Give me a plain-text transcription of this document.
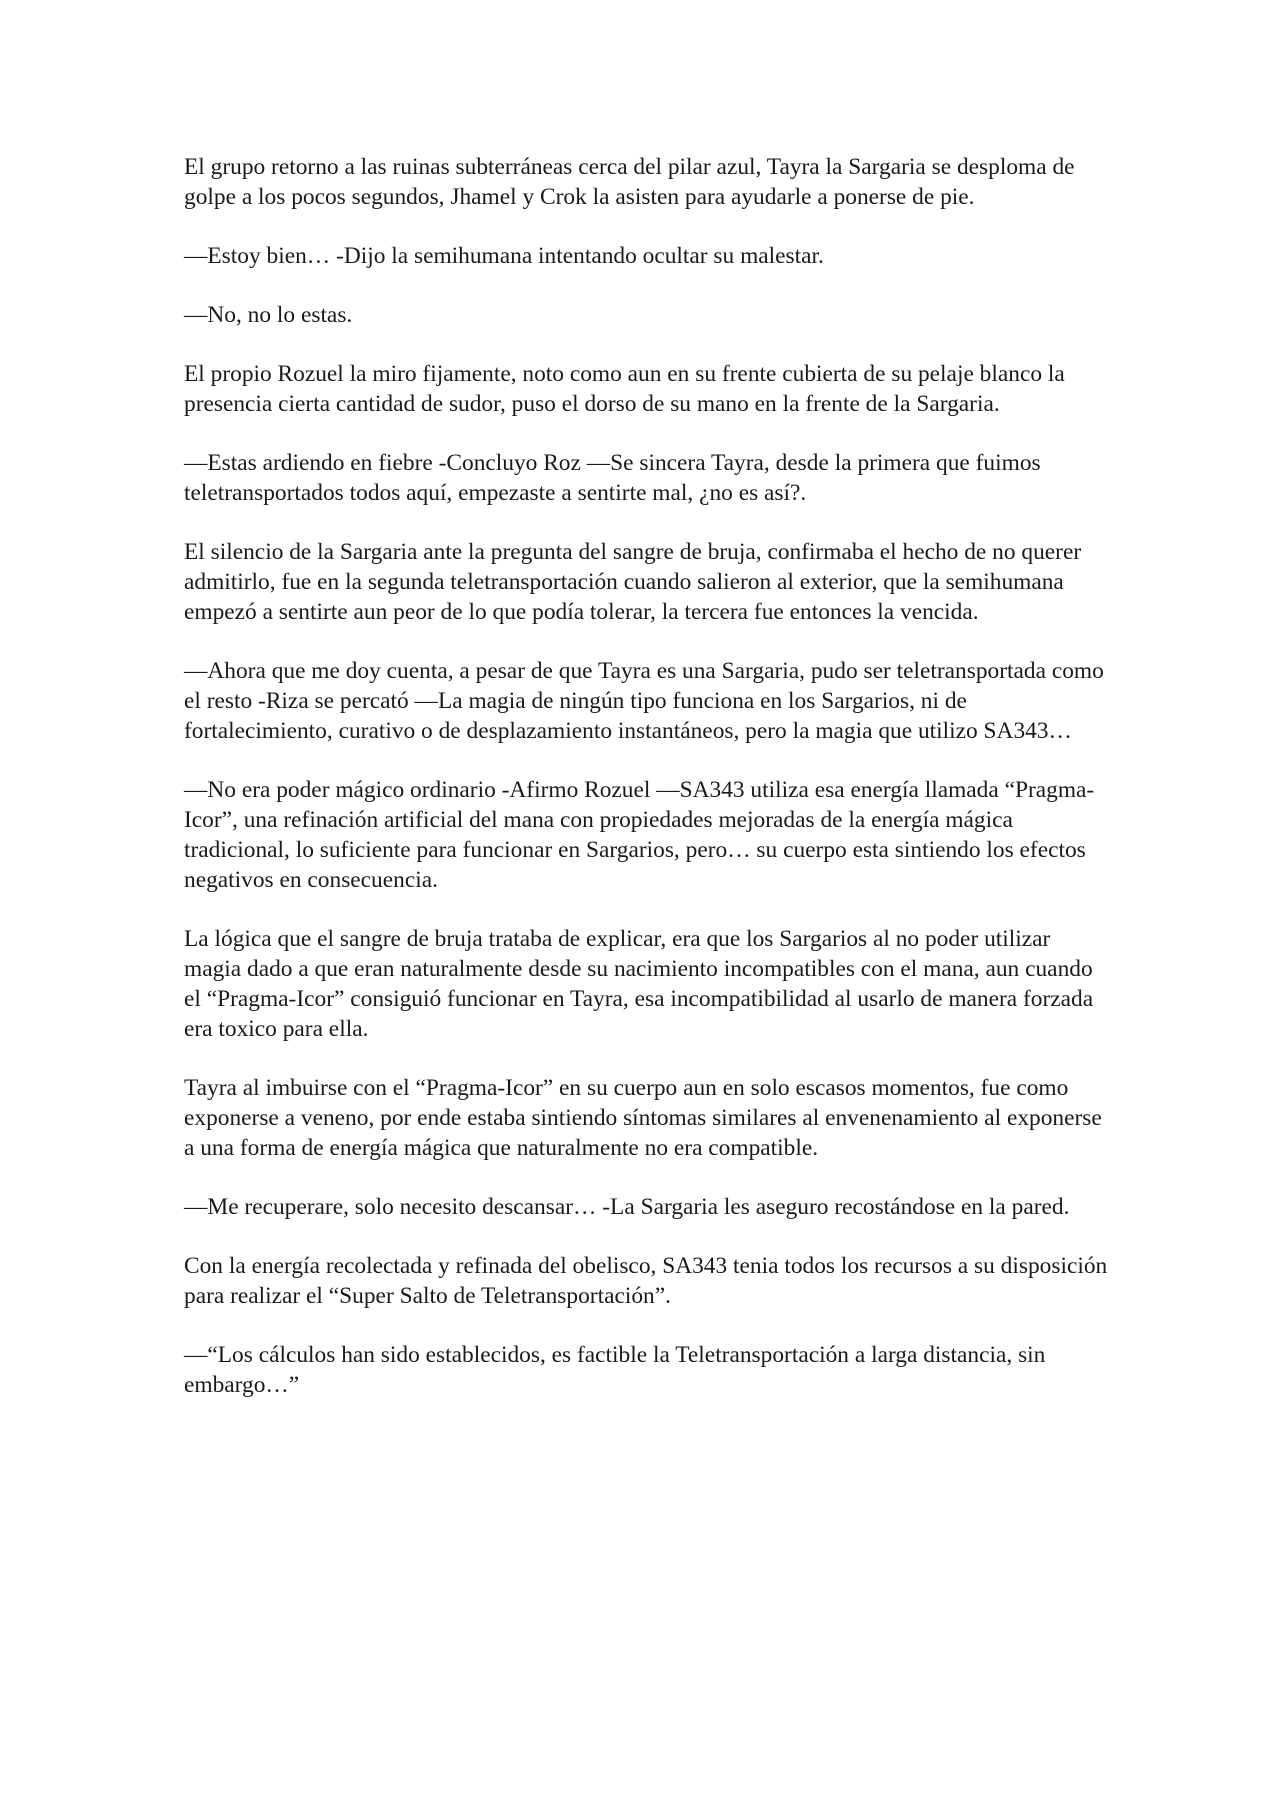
El grupo retorno a las ruinas subterráneas cerca del pilar azul, Tayra la Sargaria se desploma de golpe a los pocos segundos, Jhamel y Crok la asisten para ayudarle a ponerse de pie.

—Estoy bien… -Dijo la semihumana intentando ocultar su malestar.

—No, no lo estas.

El propio Rozuel la miro fijamente, noto como aun en su frente cubierta de su pelaje blanco la presencia cierta cantidad de sudor, puso el dorso de su mano en la frente de la Sargaria.

—Estas ardiendo en fiebre -Concluyo Roz —Se sincera Tayra, desde la primera que fuimos teletransportados todos aquí, empezaste a sentirte mal, ¿no es así?.

El silencio de la Sargaria ante la pregunta del sangre de bruja, confirmaba el hecho de no querer admitirlo, fue en la segunda teletransportación cuando salieron al exterior, que la semihumana empezó a sentirte aun peor de lo que podía tolerar, la tercera fue entonces la vencida.

—Ahora que me doy cuenta, a pesar de que Tayra es una Sargaria, pudo ser teletransportada como el resto -Riza se percató —La magia de ningún tipo funciona en los Sargarios, ni de fortalecimiento, curativo o de desplazamiento instantáneos, pero la magia que utilizo SA343…

—No era poder mágico ordinario -Afirmo Rozuel —SA343 utiliza esa energía llamada “Pragma-Icor”, una refinación artificial del mana con propiedades mejoradas de la energía mágica tradicional, lo suficiente para funcionar en Sargarios, pero… su cuerpo esta sintiendo los efectos negativos en consecuencia.

La lógica que el sangre de bruja trataba de explicar, era que los Sargarios al no poder utilizar magia dado a que eran naturalmente desde su nacimiento incompatibles con el mana, aun cuando el “Pragma-Icor” consiguió funcionar en Tayra, esa incompatibilidad al usarlo de manera forzada era toxico para ella.

Tayra al imbuirse con el “Pragma-Icor” en su cuerpo aun en solo escasos momentos, fue como exponerse a veneno, por ende estaba sintiendo síntomas similares al envenenamiento al exponerse a una forma de energía mágica que naturalmente no era compatible.

—Me recuperare, solo necesito descansar… -La Sargaria les aseguro recostándose en la pared.

Con la energía recolectada y refinada del obelisco, SA343 tenia todos los recursos a su disposición para realizar el “Super Salto de Teletransportación”.

—“Los cálculos han sido establecidos, es factible la Teletransportación a larga distancia, sin embargo…”
